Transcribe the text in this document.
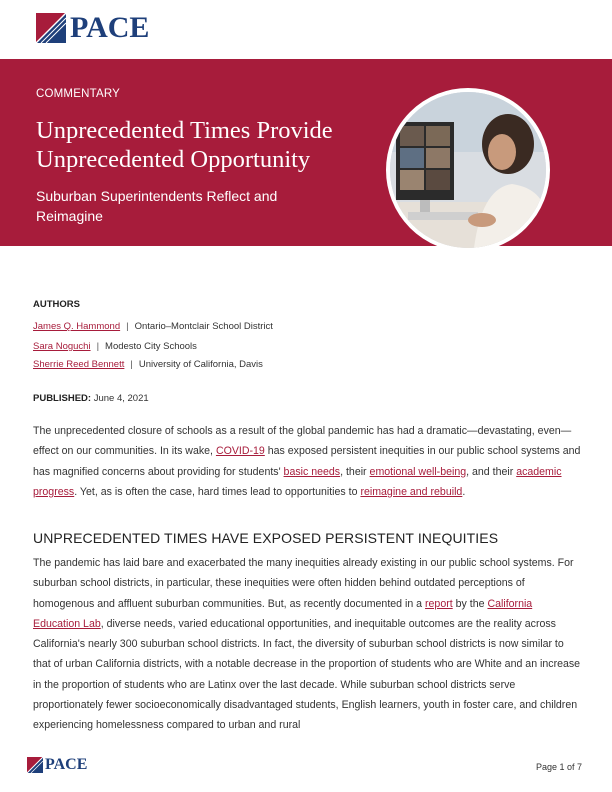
PACE
COMMENTARY
Unprecedented Times Provide
Unprecedented Opportunity
Suburban Superintendents Reflect and
Reimagine
AUTHORS
James Q. Hammond | Ontario–Montclair School District
Sara Noguchi | Modesto City Schools
Sherrie Reed Bennett | University of California, Davis
PUBLISHED: June 4, 2021
The unprecedented closure of schools as a result of the global pandemic has had a dramatic—devastating, even—effect on our communities. In its wake, COVID-19 has exposed persistent inequities in our public school systems and has magnified concerns about providing for students' basic needs, their emotional well-being, and their academic progress. Yet, as is often the case, hard times lead to opportunities to reimagine and rebuild.
UNPRECEDENTED TIMES HAVE EXPOSED PERSISTENT INEQUITIES
The pandemic has laid bare and exacerbated the many inequities already existing in our public school systems. For suburban school districts, in particular, these inequities were often hidden behind outdated perceptions of homogenous and affluent suburban communities. But, as recently documented in a report by the California Education Lab, diverse needs, varied educational opportunities, and inequitable outcomes are the reality across California's nearly 300 suburban school districts. In fact, the diversity of suburban school districts is now similar to that of urban California districts, with a notable decrease in the proportion of students who are White and an increase in the proportion of students who are Latinx over the last decade. While suburban school districts serve proportionately fewer socioeconomically disadvantaged students, English learners, youth in foster care, and children experiencing homelessness compared to urban and rural
PACE	Page 1 of 7
